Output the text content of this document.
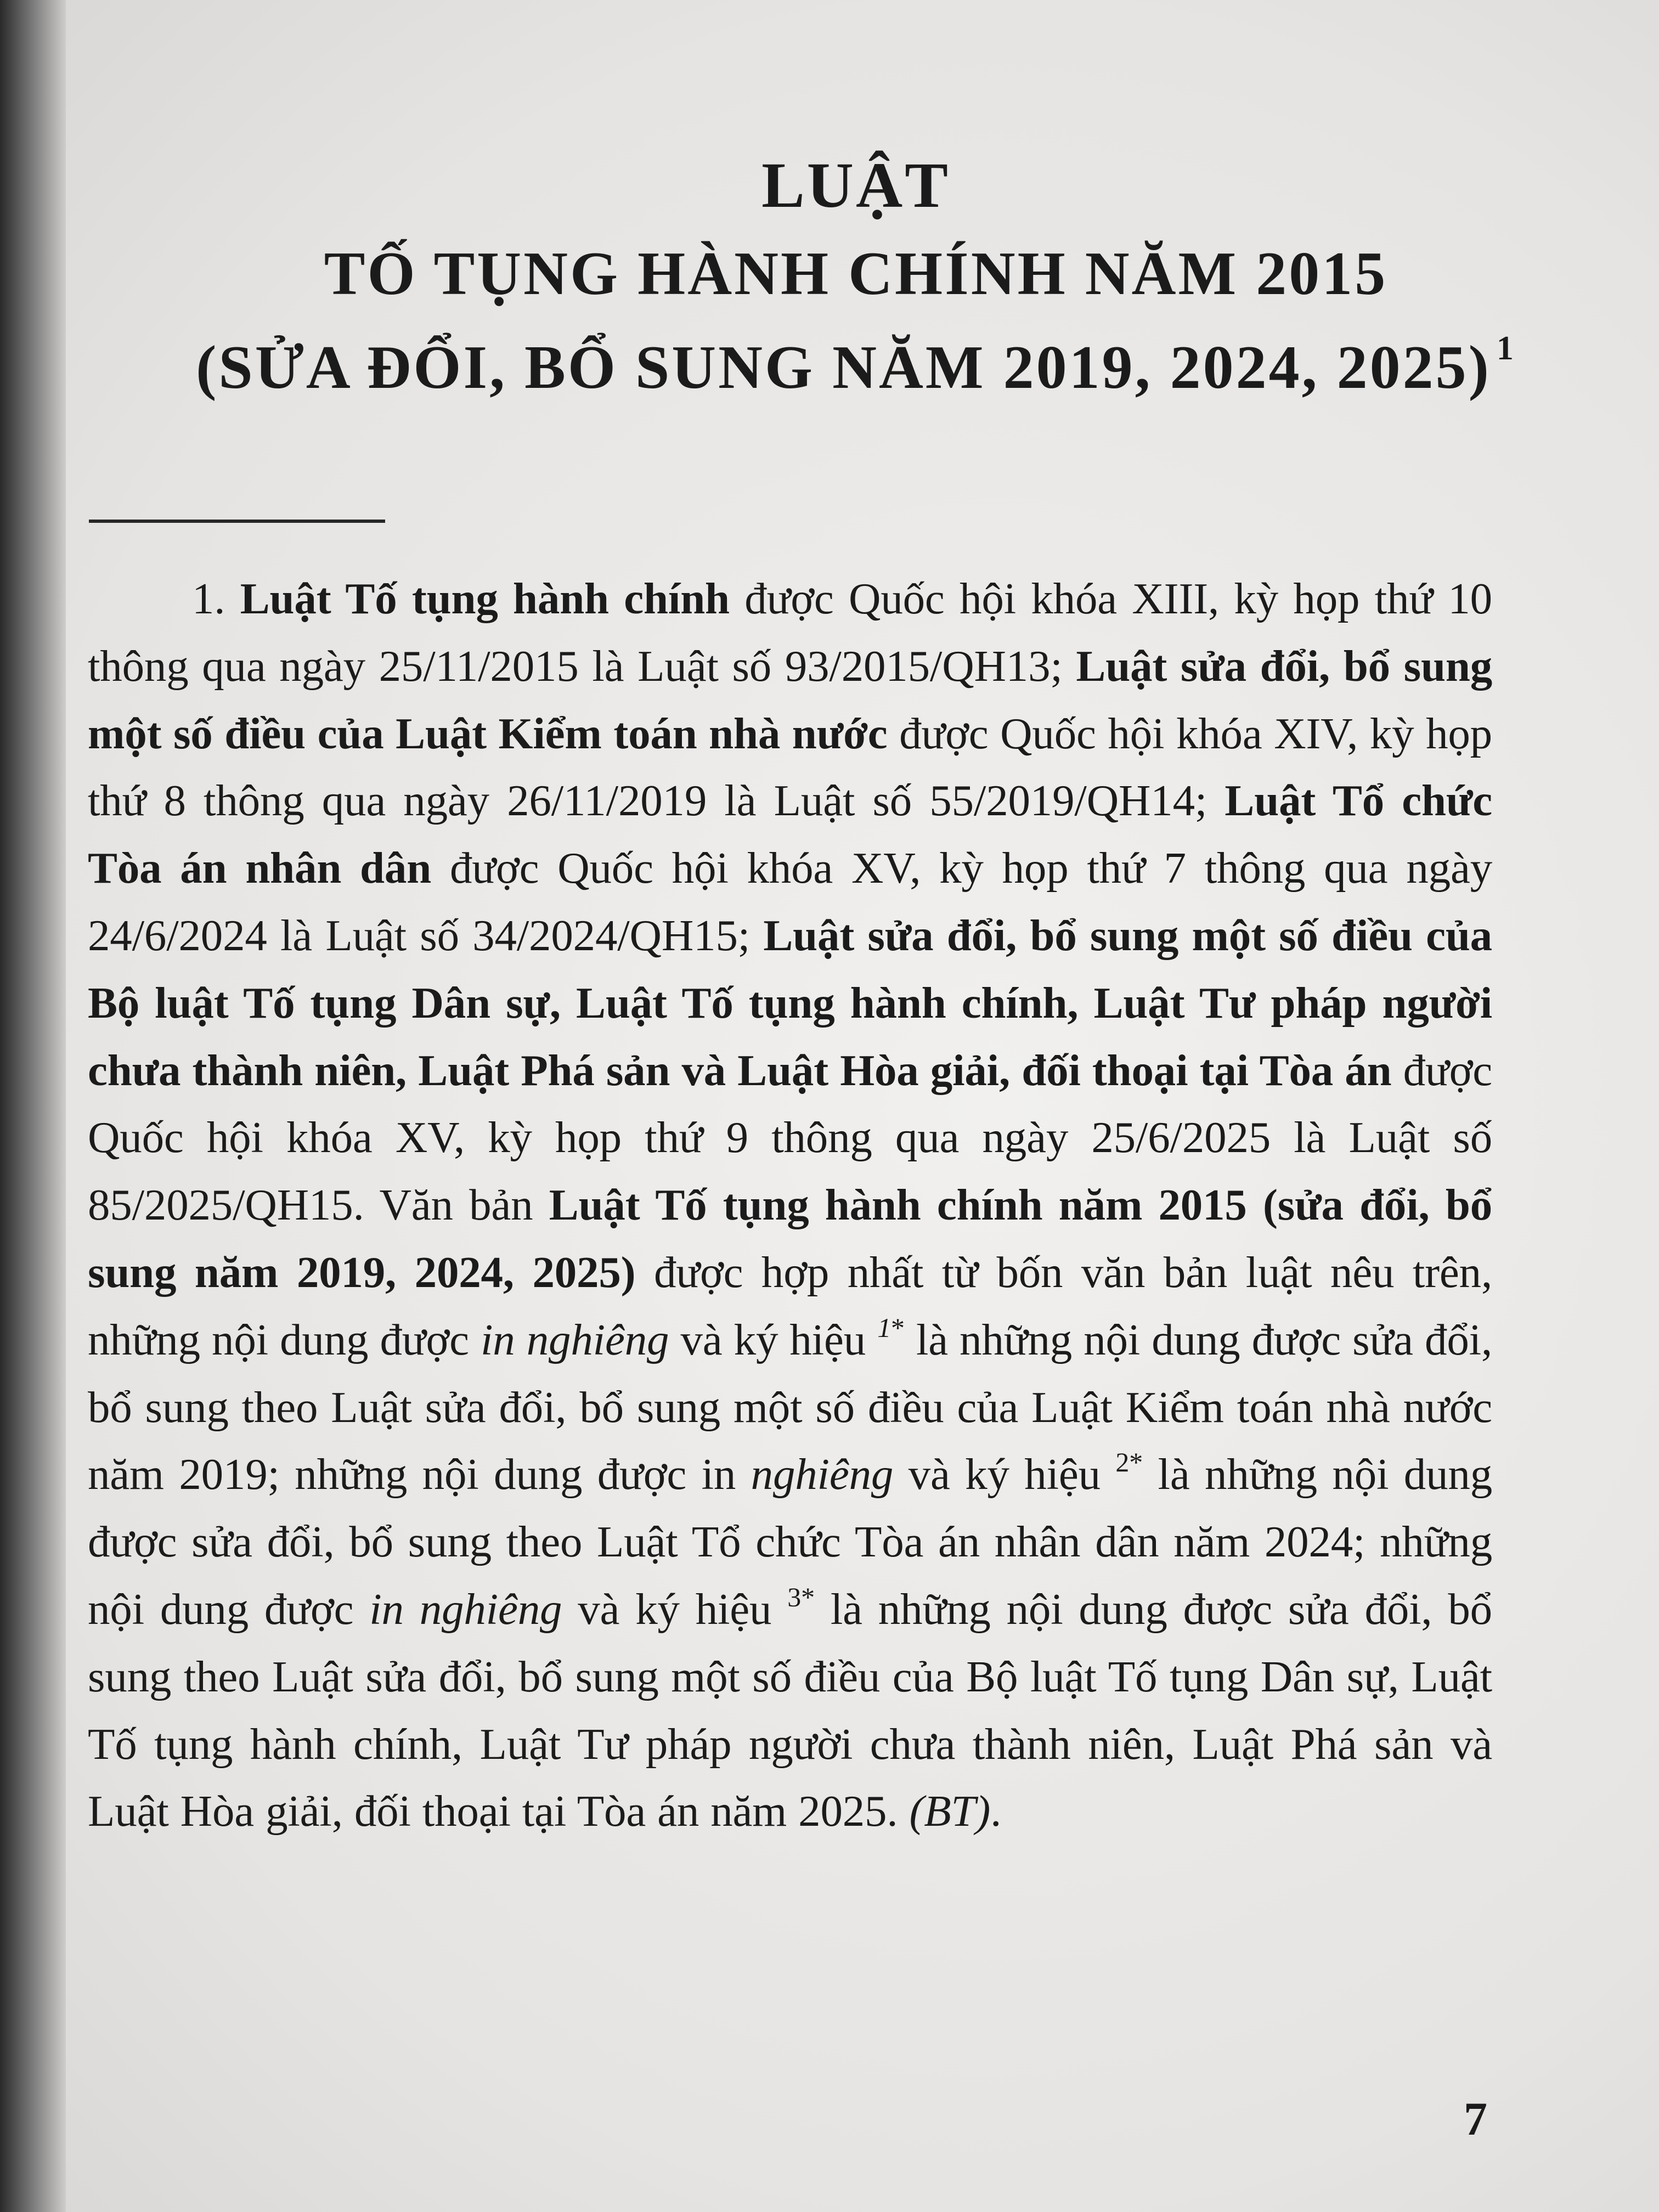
LUẬT
TỐ TỤNG HÀNH CHÍNH NĂM 2015
(SỬA ĐỔI, BỔ SUNG NĂM 2019, 2024, 2025) $^1$
1. Luật Tố tụng hành chính được Quốc hội khóa XIII, kỳ họp thứ 10 thông qua ngày 25/11/2015 là Luật số 93/2015/QH13; Luật sửa đổi, bổ sung một số điều của Luật Kiểm toán nhà nước được Quốc hội khóa XIV, kỳ họp thứ 8 thông qua ngày 26/11/2019 là Luật số 55/2019/QH14; Luật Tổ chức Tòa án nhân dân được Quốc hội khóa XV, kỳ họp thứ 7 thông qua ngày 24/6/2024 là Luật số 34/2024/QH15; Luật sửa đổi, bổ sung một số điều của Bộ luật Tố tụng Dân sự, Luật Tố tụng hành chính, Luật Tư pháp người chưa thành niên, Luật Phá sản và Luật Hòa giải, đối thoại tại Tòa án được Quốc hội khóa XV, kỳ họp thứ 9 thông qua ngày 25/6/2025 là Luật số 85/2025/QH15. Văn bản Luật Tố tụng hành chính năm 2015 (sửa đổi, bổ sung năm 2019, 2024, 2025) được hợp nhất từ bốn văn bản luật nêu trên, những nội dung được in nghiêng và ký hiệu $^{1*}$ là những nội dung được sửa đổi, bổ sung theo Luật sửa đổi, bổ sung một số điều của Luật Kiểm toán nhà nước năm 2019; những nội dung được in nghiêng và ký hiệu $^{2*}$ là những nội dung được sửa đổi, bổ sung theo Luật Tổ chức Tòa án nhân dân năm 2024; những nội dung được in nghiêng và ký hiệu $^{3*}$ là những nội dung được sửa đổi, bổ sung theo Luật sửa đổi, bổ sung một số điều của Bộ luật Tố tụng Dân sự, Luật Tố tụng hành chính, Luật Tư pháp người chưa thành niên, Luật Phá sản và Luật Hòa giải, đối thoại tại Tòa án năm 2025. (BT).
7
